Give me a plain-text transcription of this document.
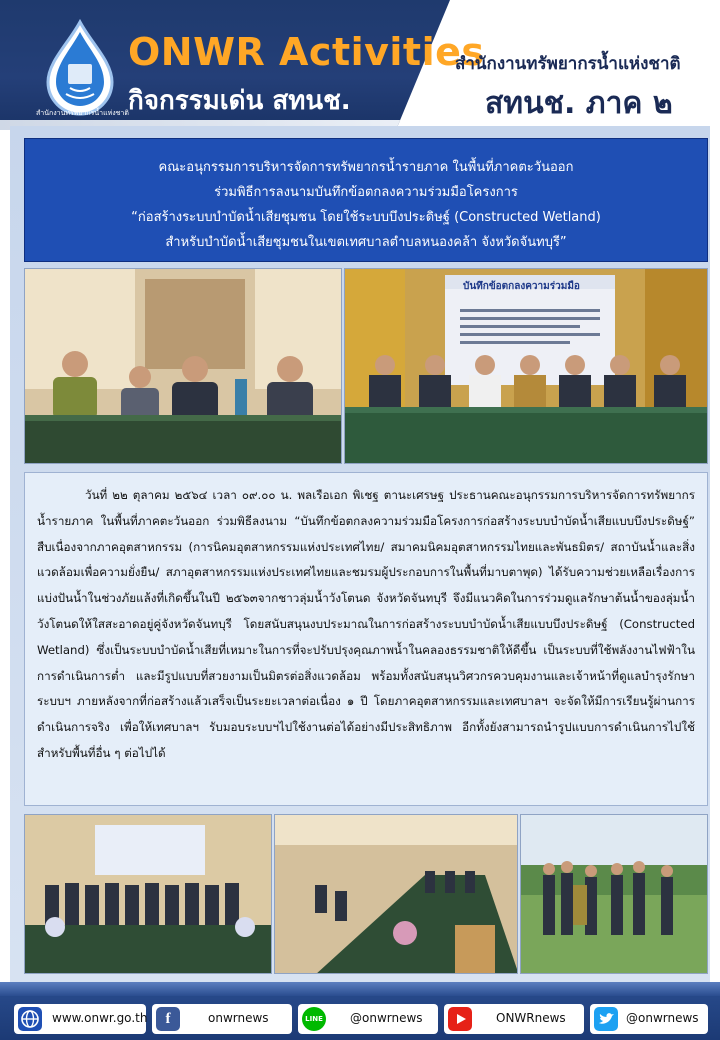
สำนักงานทรัพยากรน้ำแห่งชาติ
ONWR Activities
กิจกรรมเด่น สทนช.
สำนักงานทรัพยากรน้ำแห่งชาติ
สทนช. ภาค ๒
คณะอนุกรรมการบริหารจัดการทรัพยากรน้ำรายภาค ในพื้นที่ภาคตะวันออก
ร่วมพิธีการลงนามบันทึกข้อตกลงความร่วมมือโครงการ
“ก่อสร้างระบบบำบัดน้ำเสียชุมชน โดยใช้ระบบบึงประดิษฐ์ (Constructed Wetland)
สำหรับบำบัดน้ำเสียชุมชนในเขตเทศบาลตำบลหนองคล้า จังหวัดจันทบุรี”
บันทึกข้อตกลงความร่วมมือ

วันที่ ๒๒ ตุลาคม ๒๕๖๔ เวลา ๐๙.๐๐ น. พลเรือเอก พิเชฐ ตานะเศรษฐ ประธานคณะอนุกรรมการบริหารจัดการทรัพยากรน้ำรายภาค ในพื้นที่ภาคตะวันออก ร่วมพิธีลงนาม “บันทึกข้อตกลงความร่วมมือโครงการก่อสร้างระบบบำบัดน้ำเสียแบบบึงประดิษฐ์” สืบเนื่องจากภาคอุตสาหกรรม (การนิคมอุตสาหกรรมแห่งประเทศไทย/ สมาคมนิคมอุตสาหกรรมไทยและพันธมิตร/ สถาบันน้ำและสิ่งแวดล้อมเพื่อความยั่งยืน/ สภาอุตสาหกรรมแห่งประเทศไทยและชมรมผู้ประกอบการในพื้นที่มาบตาพุด) ได้รับความช่วยเหลือเรื่องการแบ่งปันน้ำในช่วงภัยแล้งที่เกิดขึ้นในปี ๒๕๖๓จากชาวลุ่มน้ำวังโตนด จังหวัดจันทบุรี จึงมีแนวคิดในการร่วมดูแลรักษาต้นน้ำของลุ่มน้ำวังโตนดให้ใสสะอาดอยู่คู่จังหวัดจันทบุรี โดยสนับสนุนงบประมาณในการก่อสร้างระบบบำบัดน้ำเสียแบบบึงประดิษฐ์ (Constructed Wetland) ซึ่งเป็นระบบบำบัดน้ำเสียที่เหมาะในการที่จะปรับปรุงคุณภาพน้ำในคลองธรรมชาติให้ดีขึ้น เป็นระบบที่ใช้พลังงานไฟฟ้าในการดำเนินการต่ำ และมีรูปแบบที่สวยงามเป็นมิตรต่อสิ่งแวดล้อม พร้อมทั้งสนับสนุนวิศวกรควบคุมงานและเจ้าหน้าที่ดูแลบำรุงรักษาระบบฯ ภายหลังจากที่ก่อสร้างแล้วเสร็จเป็นระยะเวลาต่อเนื่อง ๑ ปี โดยภาคอุตสาหกรรมและเทศบาลฯ จะจัดให้มีการเรียนรู้ผ่านการดำเนินการจริง เพื่อให้เทศบาลฯ รับมอบระบบฯไปใช้งานต่อได้อย่างมีประสิทธิภาพ อีกทั้งยังสามารถนำรูปแบบการดำเนินการไปใช้สำหรับพื้นที่อื่น ๆ ต่อไปได้

www.onwr.go.th	f	onwrnews	LINE @onwrnews	ONWRnews	@onwrnews
